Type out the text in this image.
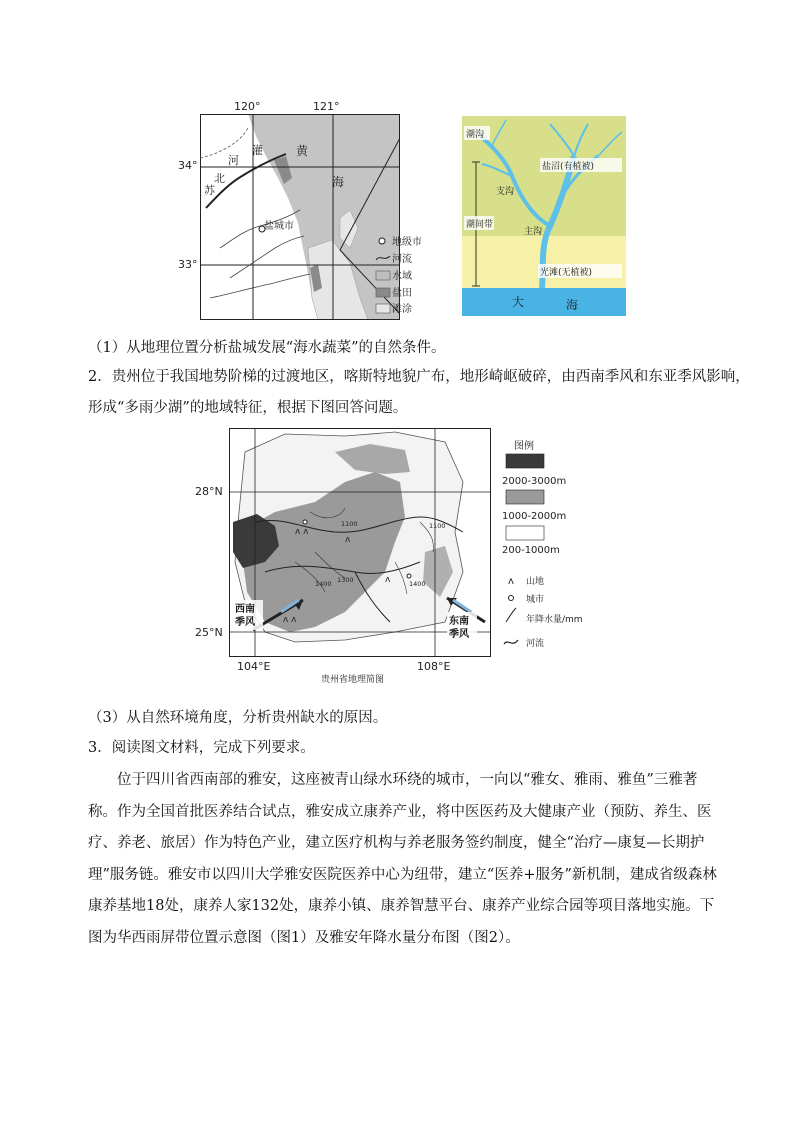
120°	121°
北
苏
灌
河
黄
海
盐城市
34°
33°
地级市
河流
水域
盐田
滩涂
潮沟
盐沼(有植被)
支沟
潮间带
主沟
光滩(无植被)
大	海
（1）从地理位置分析盐城发展“海水蔬菜”的自然条件。
2．贵州位于我国地势阶梯的过渡地区，喀斯特地貌广布，地形崎岖破碎，由西南季风和东亚季风影响，
形成“多雨少湖”的地域特征，根据下图回答问题。
1100	1100
1400 1300	1400
ʌ ʌ
ʌ
ʌ ʌ
ʌ
28°N
25°N
104°E	108°E
贵州省地理简图
西南
季风	东南
季风
图例
2000-3000m
1000-2000m
200-1000m
ʌ 山地
城市
年降水量/mm
河流
（3）从自然环境角度，分析贵州缺水的原因。
3．阅读图文材料，完成下列要求。
位于四川省西南部的雅安，这座被青山绿水环绕的城市，一向以“雅女、雅雨、雅鱼”三雅著称。作为全国首批医养结合试点，雅安成立康养产业，将中医医药及大健康产业（预防、养生、医疗、养老、旅居）作为特色产业，建立医疗机构与养老服务签约制度，健全“治疗—康复—长期护理”服务链。雅安市以四川大学雅安医院医养中心为纽带，建立“医养+服务”新机制，建成省级森林康养基地18处，康养人家132处，康养小镇、康养智慧平台、康养产业综合园等项目落地实施。下图为华西雨屏带位置示意图（图1）及雅安年降水量分布图（图2）。
